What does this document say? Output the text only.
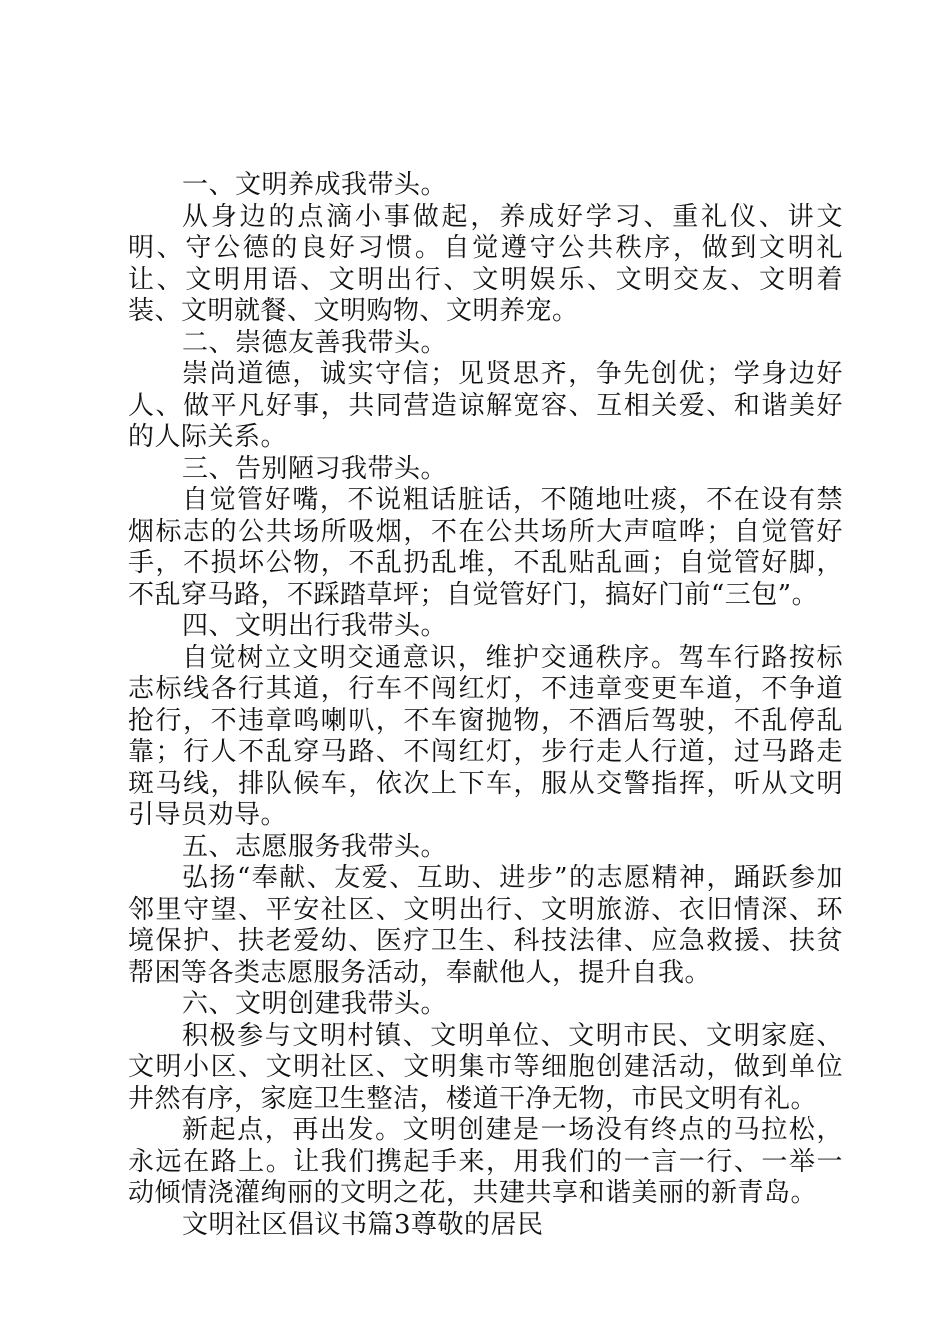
一、文明养成我带头。

从身边的点滴小事做起，养成好学习、重礼仪、讲文明、守公德的良好习惯。自觉遵守公共秩序，做到文明礼让、文明用语、文明出行、文明娱乐、文明交友、文明着装、文明就餐、文明购物、文明养宠。

二、崇德友善我带头。

崇尚道德，诚实守信；见贤思齐，争先创优；学身边好人、做平凡好事，共同营造谅解宽容、互相关爱、和谐美好的人际关系。

三、告别陋习我带头。

自觉管好嘴，不说粗话脏话，不随地吐痰，不在设有禁烟标志的公共场所吸烟，不在公共场所大声喧哗；自觉管好手，不损坏公物，不乱扔乱堆，不乱贴乱画；自觉管好脚，不乱穿马路，不踩踏草坪；自觉管好门，搞好门前“三包”。

四、文明出行我带头。

自觉树立文明交通意识，维护交通秩序。驾车行路按标志标线各行其道，行车不闯红灯，不违章变更车道，不争道抢行，不违章鸣喇叭，不车窗抛物，不酒后驾驶，不乱停乱靠；行人不乱穿马路、不闯红灯，步行走人行道，过马路走斑马线，排队候车，依次上下车，服从交警指挥，听从文明引导员劝导。

五、志愿服务我带头。

弘扬“奉献、友爱、互助、进步”的志愿精神，踊跃参加邻里守望、平安社区、文明出行、文明旅游、衣旧情深、环境保护、扶老爱幼、医疗卫生、科技法律、应急救援、扶贫帮困等各类志愿服务活动，奉献他人，提升自我。

六、文明创建我带头。

积极参与文明村镇、文明单位、文明市民、文明家庭、文明小区、文明社区、文明集市等细胞创建活动，做到单位井然有序，家庭卫生整洁，楼道干净无物，市民文明有礼。

新起点，再出发。文明创建是一场没有终点的马拉松，永远在路上。让我们携起手来，用我们的一言一行、一举一动倾情浇灌绚丽的文明之花，共建共享和谐美丽的新青岛。

文明社区倡议书篇3尊敬的居民
